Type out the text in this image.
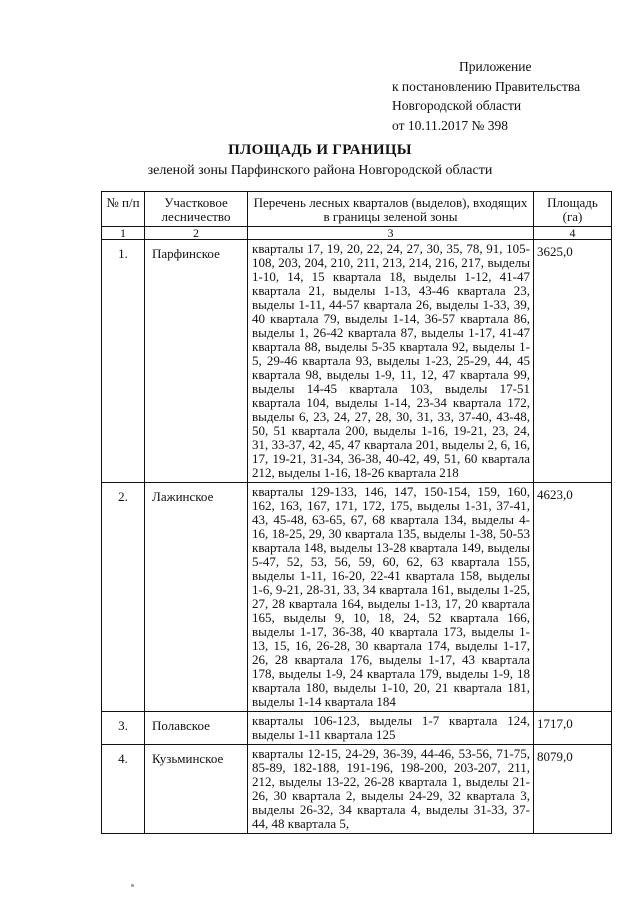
Приложение
к постановлению Правительства
Новгородской области
от 10.11.2017 № 398
ПЛОЩАДЬ И ГРАНИЦЫ
зеленой зоны Парфинского района Новгородской области
№ п/п	Участковое лесничество	Перечень лесных кварталов (выделов), входящих в границы зеленой зоны	Площадь (га)
1	2	3	4
1.	Парфинское	кварталы 17, 19, 20, 22, 24, 27, 30, 35, 78, 91, 105-108, 203, 204, 210, 211, 213, 214, 216, 217, выделы 1-10, 14, 15 квартала 18, выделы 1-12, 41-47 квартала 21, выделы 1-13, 43-46 квартала 23, выделы 1-11, 44-57 квартала 26, выделы 1-33, 39, 40 квартала 79, выделы 1-14, 36-57 квартала 86, выделы 1, 26-42 квартала 87, выделы 1-17, 41-47 квартала 88, выделы 5-35 квартала 92, выделы 1-5, 29-46 квартала 93, выделы 1-23, 25-29, 44, 45 квартала 98, выделы 1-9, 11, 12, 47 квартала 99, выделы 14-45 квартала 103, выделы 17-51 квартала 104, выделы 1-14, 23-34 квартала 172, выделы 6, 23, 24, 27, 28, 30, 31, 33, 37-40, 43-48, 50, 51 квартала 200, выделы 1-16, 19-21, 23, 24, 31, 33-37, 42, 45, 47 квартала 201, выделы 2, 6, 16, 17, 19-21, 31-34, 36-38, 40-42, 49, 51, 60 квартала 212, выделы 1-16, 18-26 квартала 218	3625,0
2.	Лажинское	кварталы 129-133, 146, 147, 150-154, 159, 160, 162, 163, 167, 171, 172, 175, выделы 1-31, 37-41, 43, 45-48, 63-65, 67, 68 квартала 134, выделы 4-16, 18-25, 29, 30 квартала 135, выделы 1-38, 50-53 квартала 148, выделы 13-28 квартала 149, выделы 5-47, 52, 53, 56, 59, 60, 62, 63 квартала 155, выделы 1-11, 16-20, 22-41 квартала 158, выделы 1-6, 9-21, 28-31, 33, 34 квартала 161, выделы 1-25, 27, 28 квартала 164, выделы 1-13, 17, 20 квартала 165, выделы 9, 10, 18, 24, 52 квартала 166, выделы 1-17, 36-38, 40 квартала 173, выделы 1-13, 15, 16, 26-28, 30 квартала 174, выделы 1-17, 26, 28 квартала 176, выделы 1-17, 43 квартала 178, выделы 1-9, 24 квартала 179, выделы 1-9, 18 квартала 180, выделы 1-10, 20, 21 квартала 181, выделы 1-14 квартала 184	4623,0
3.	Полавское	кварталы 106-123, выделы 1-7 квартала 124, выделы 1-11 квартала 125	1717,0
4.	Кузьминское	кварталы 12-15, 24-29, 36-39, 44-46, 53-56, 71-75, 85-89, 182-188, 191-196, 198-200, 203-207, 211, 212, выделы 13-22, 26-28 квартала 1, выделы 21-26, 30 квартала 2, выделы 24-29, 32 квартала 3, выделы 26-32, 34 квартала 4, выделы 31-33, 37-44, 48 квартала 5,	8079,0
